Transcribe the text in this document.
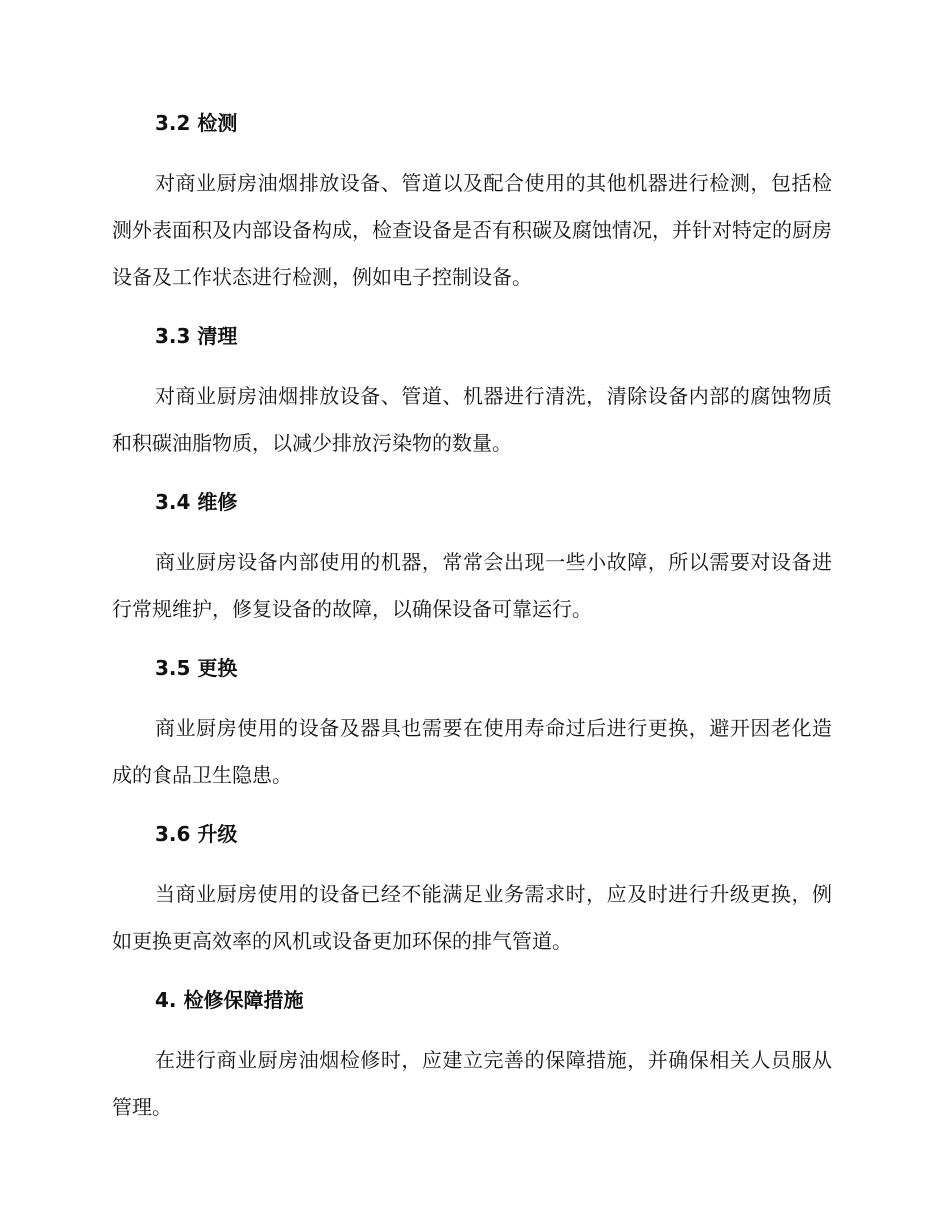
3.2 检测

对商业厨房油烟排放设备、管道以及配合使用的其他机器进行检测，包括检测外表面积及内部设备构成，检查设备是否有积碳及腐蚀情况，并针对特定的厨房设备及工作状态进行检测，例如电子控制设备。

3.3 清理

对商业厨房油烟排放设备、管道、机器进行清洗，清除设备内部的腐蚀物质和积碳油脂物质，以减少排放污染物的数量。

3.4 维修

商业厨房设备内部使用的机器，常常会出现一些小故障，所以需要对设备进行常规维护，修复设备的故障，以确保设备可靠运行。

3.5 更换

商业厨房使用的设备及器具也需要在使用寿命过后进行更换，避开因老化造成的食品卫生隐患。

3.6 升级

当商业厨房使用的设备已经不能满足业务需求时，应及时进行升级更换，例如更换更高效率的风机或设备更加环保的排气管道。

4. 检修保障措施

在进行商业厨房油烟检修时，应建立完善的保障措施，并确保相关人员服从管理。
